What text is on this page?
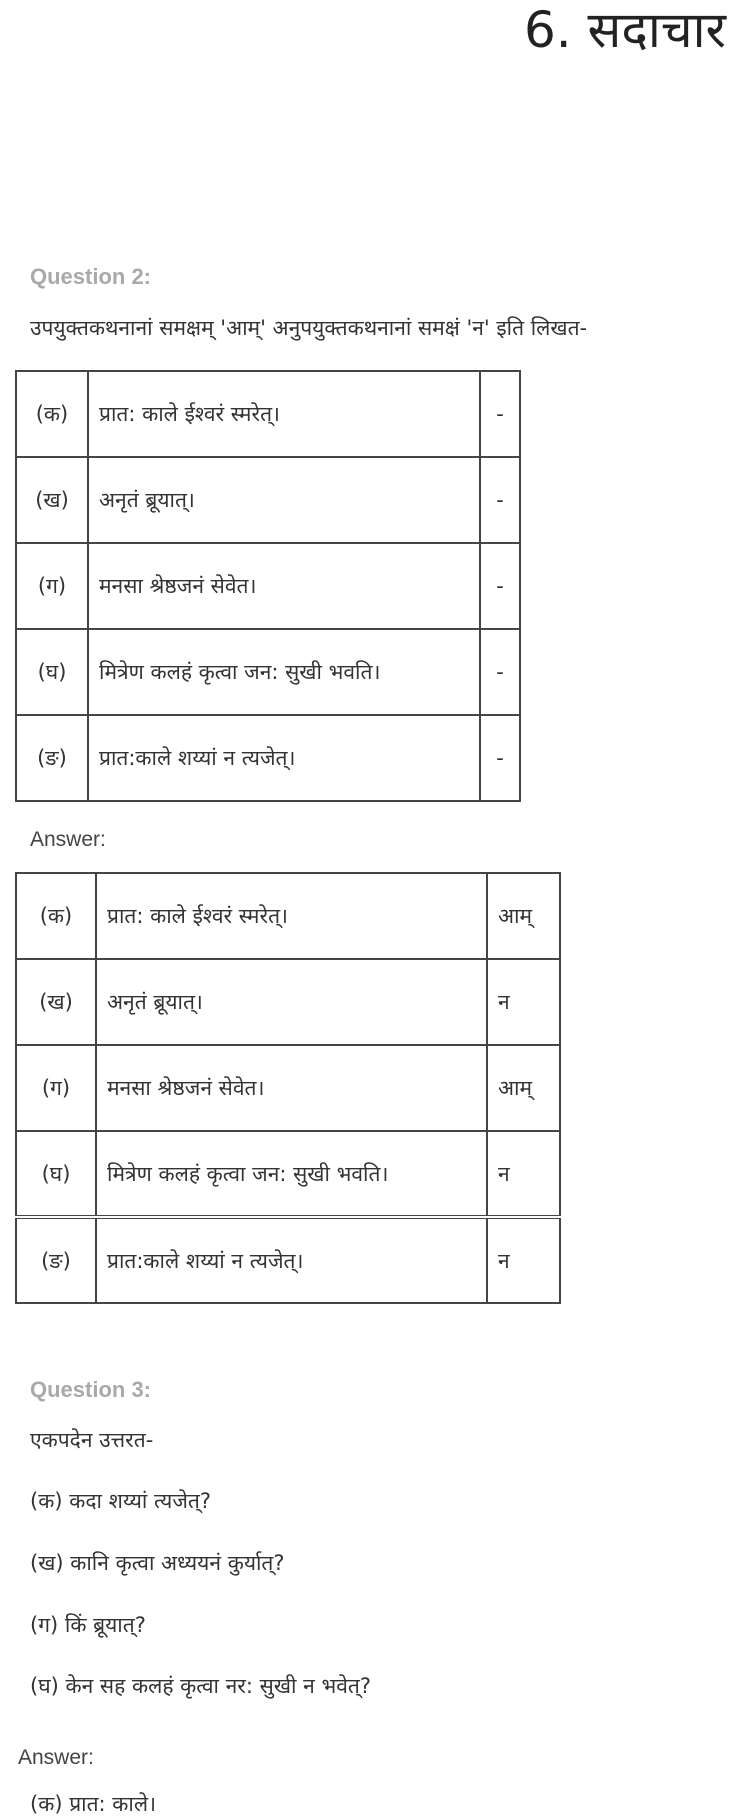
6. सदाचार

Question 2:

उपयुक्तकथनानां समक्षम् 'आम्' अनुपयुक्तकथनानां समक्षं 'न' इति लिखत-

(क)	प्रात: काले ईश्वरं स्मरेत्।	-
(ख)	अनृतं ब्रूयात्।	-
(ग)	मनसा श्रेष्ठजनं सेवेत।	-
(घ)	मित्रेण कलहं कृत्वा जन: सुखी भवति।	-
(ङ)	प्रात:काले शय्यां न त्यजेत्।	-

Answer:

(क)	प्रात: काले ईश्वरं स्मरेत्।	आम्
(ख)	अनृतं ब्रूयात्।	न
(ग)	मनसा श्रेष्ठजनं सेवेत।	आम्
(घ)	मित्रेण कलहं कृत्वा जन: सुखी भवति।	न
(ङ)	प्रात:काले शय्यां न त्यजेत्।	न

Question 3:

एकपदेन उत्तरत-

(क) कदा शय्यां त्यजेत्?

(ख) कानि कृत्वा अध्ययनं कुर्यात्?

(ग) किं ब्रूयात्?

(घ) केन सह कलहं कृत्वा नर: सुखी न भवेत्?

Answer:

(क) प्रात: काले।
